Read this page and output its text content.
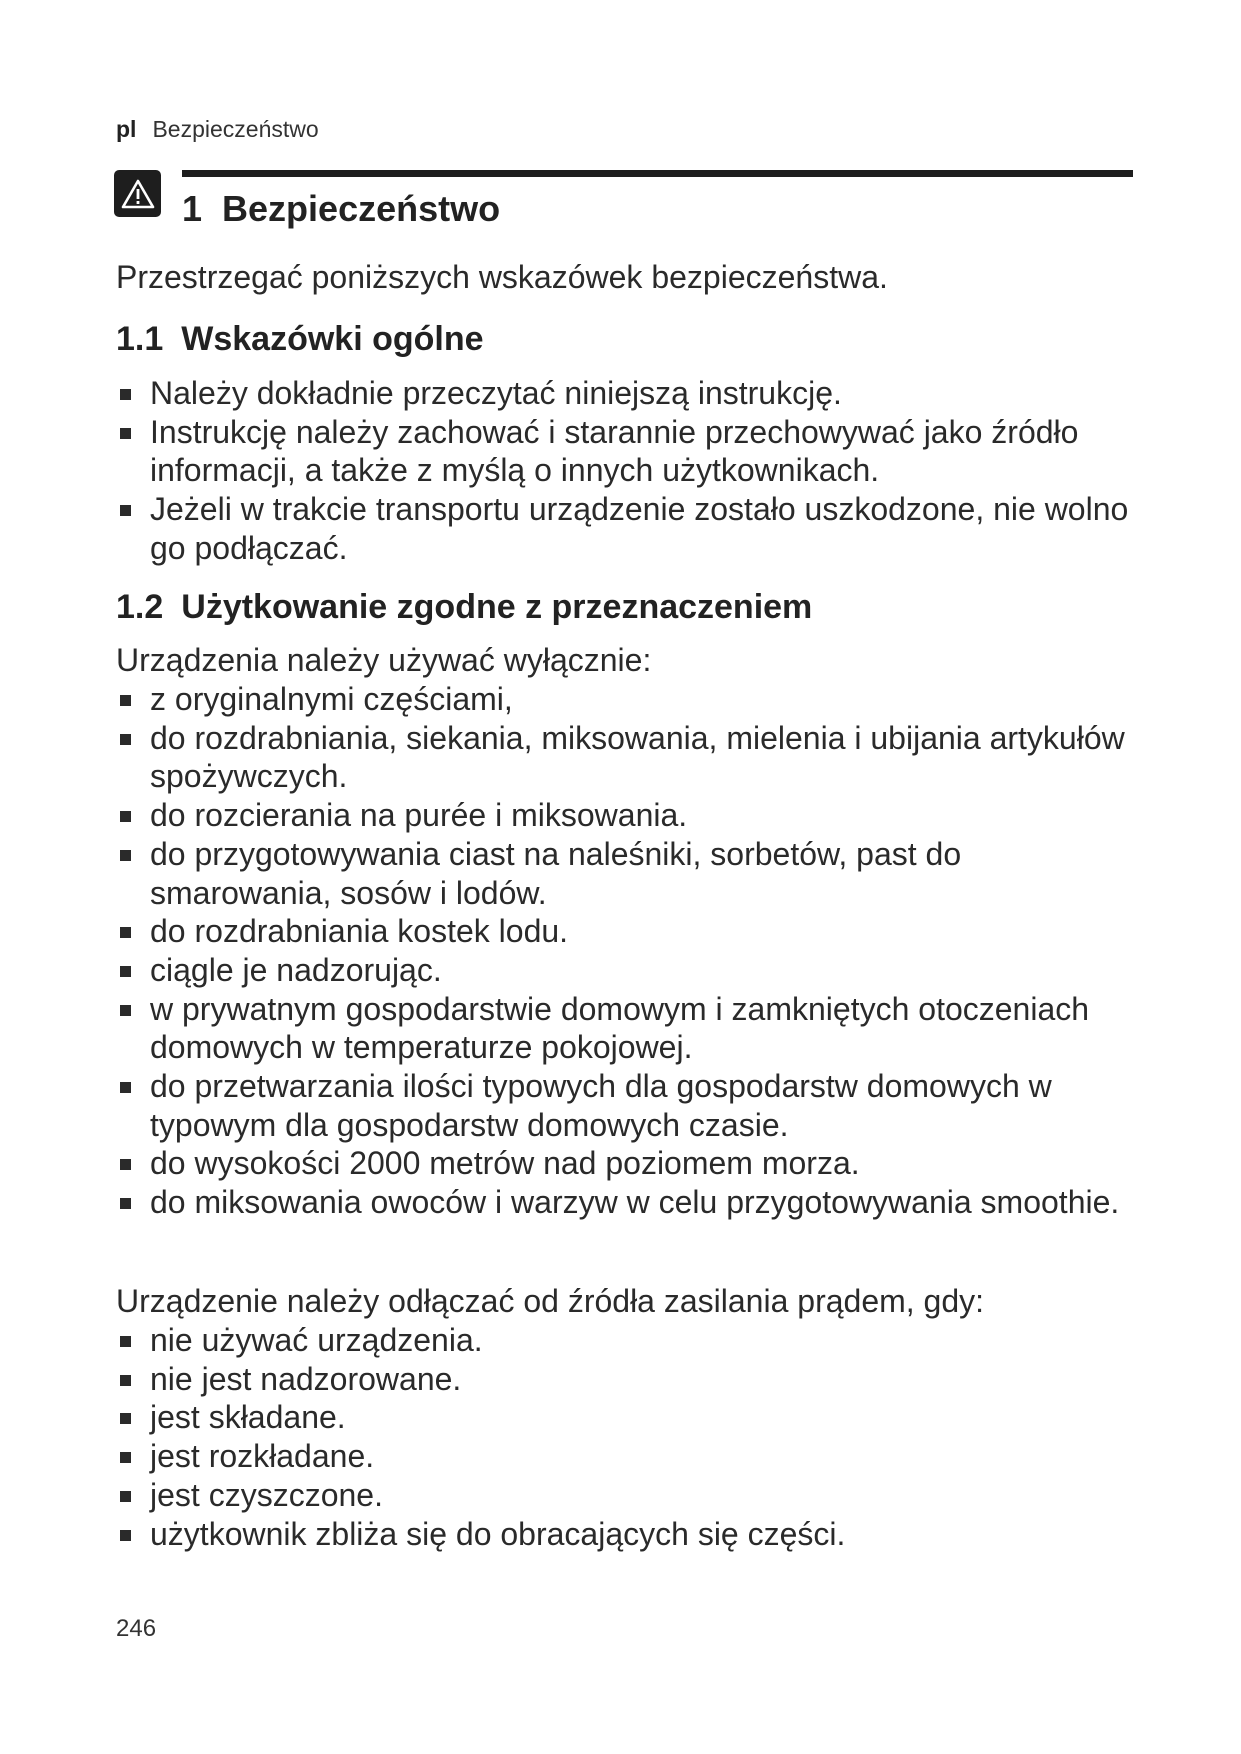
pl Bezpieczeństwo
1 Bezpieczeństwo

Przestrzegać poniższych wskazówek bezpieczeństwa.

1.1 Wskazówki ogólne
Należy dokładnie przeczytać niniejszą instrukcję.
Instrukcję należy zachować i starannie przechowywać jako źródło informacji, a także z myślą o innych użytkownikach.
Jeżeli w trakcie transportu urządzenie zostało uszkodzone, nie wolno go podłączać.
1.2 Użytkowanie zgodne z przeznaczeniem

Urządzenia należy używać wyłącznie:

z oryginalnymi częściami,
do rozdrabniania, siekania, miksowania, mielenia i ubijania artykułów spożywczych.
do rozcierania na purée i miksowania.
do przygotowywania ciast na naleśniki, sorbetów, past do smarowania, sosów i lodów.
do rozdrabniania kostek lodu.
ciągle je nadzorując.
w prywatnym gospodarstwie domowym i zamkniętych otoczeniach domowych w temperaturze pokojowej.
do przetwarzania ilości typowych dla gospodarstw domowych w typowym dla gospodarstw domowych czasie.
do wysokości 2000 metrów nad poziomem morza.
do miksowania owoców i warzyw w celu przygotowywania smoothie.

Urządzenie należy odłączać od źródła zasilania prądem, gdy:

nie używać urządzenia.
nie jest nadzorowane.
jest składane.
jest rozkładane.
jest czyszczone.
użytkownik zbliża się do obracających się części.
246
